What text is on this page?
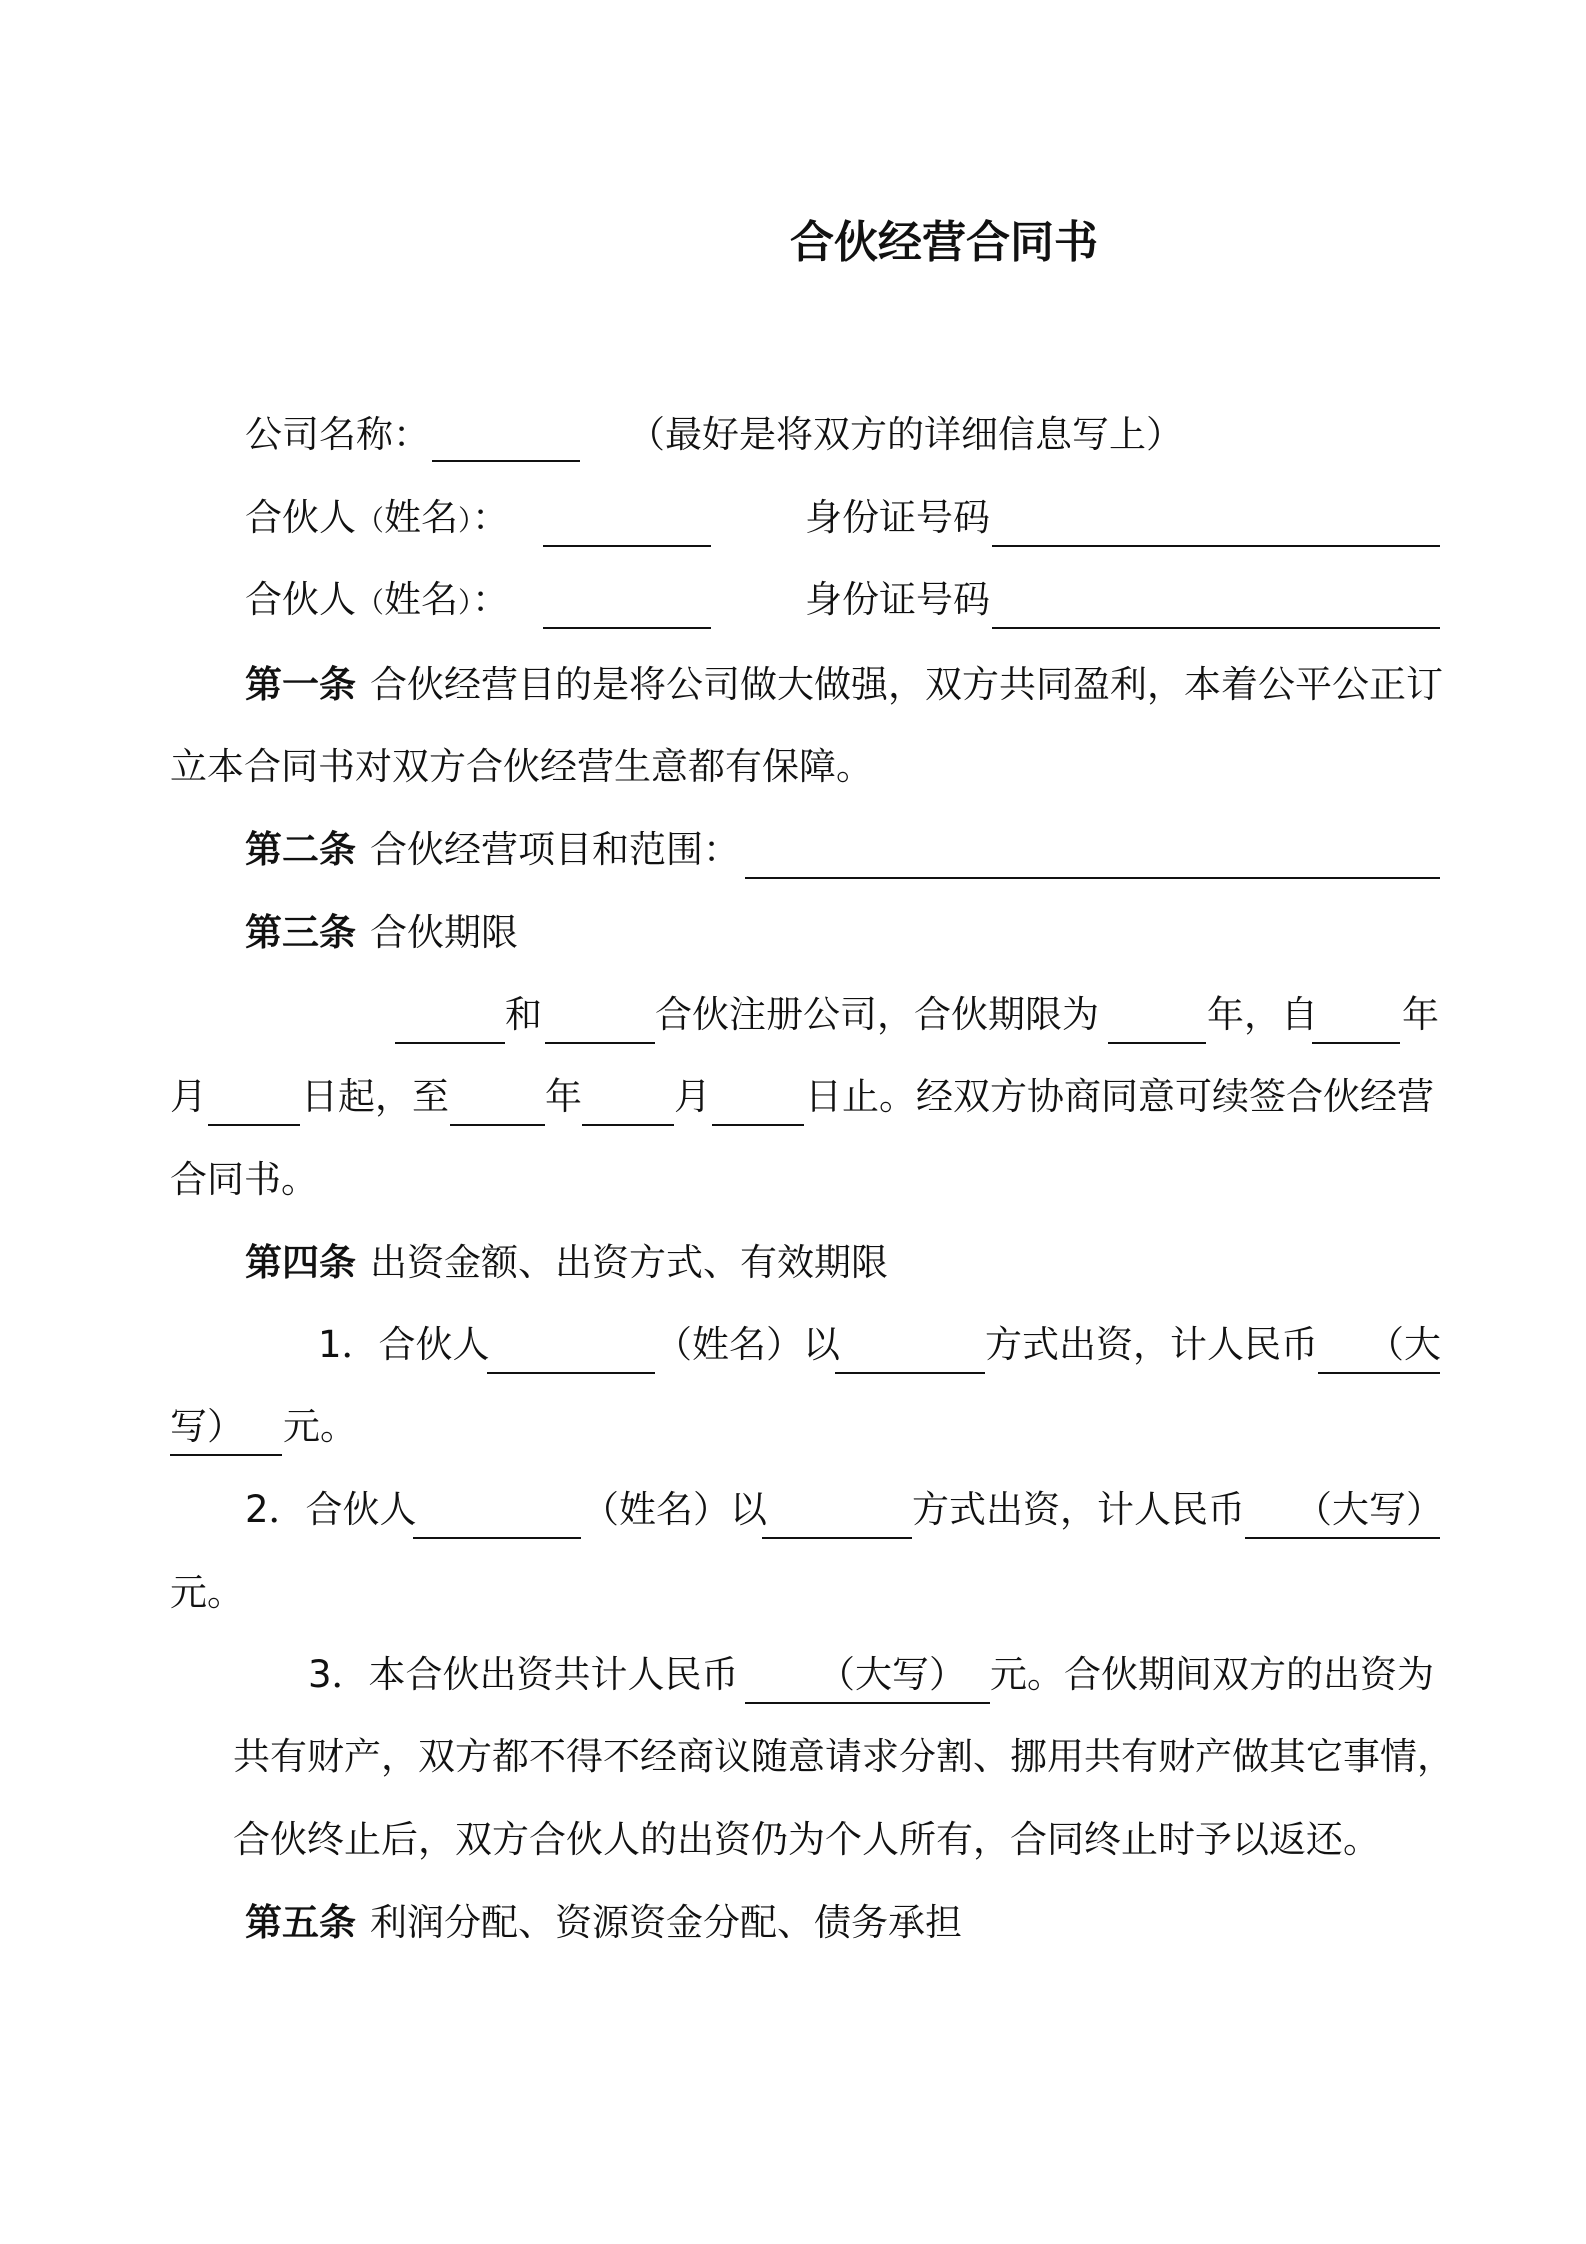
合伙经营合同书
公司名称：	（最好是将双方的详细信息写上）
合伙人（姓名）：	身份证号码
合伙人（姓名）：	身份证号码
第一条 合伙经营目的是将公司做大做强，双方共同盈利，本着公平公正订
立本合同书对双方合伙经营生意都有保障。
第二条 合伙经营项目和范围：
第三条 合伙期限
和	合伙注册公司，合伙期限为	年，自 年
月	日起，至	年 月	日止。经双方协商同意可续签合伙经营
合同书。
第四条 出资金额、出资方式、有效期限
1．合伙人	（姓名）以	方式出资，计人民币 （大
写） 元。
2．合伙人	（姓名）以	方式出资，计人民币 （大写）
元。
3．本合伙出资共计人民币 （大写） 元。合伙期间双方的出资为
共有财产，双方都不得不经商议随意请求分割、挪用共有财产做其它事情，
合伙终止后，双方合伙人的出资仍为个人所有，合同终止时予以返还。
第五条 利润分配、资源资金分配、债务承担
